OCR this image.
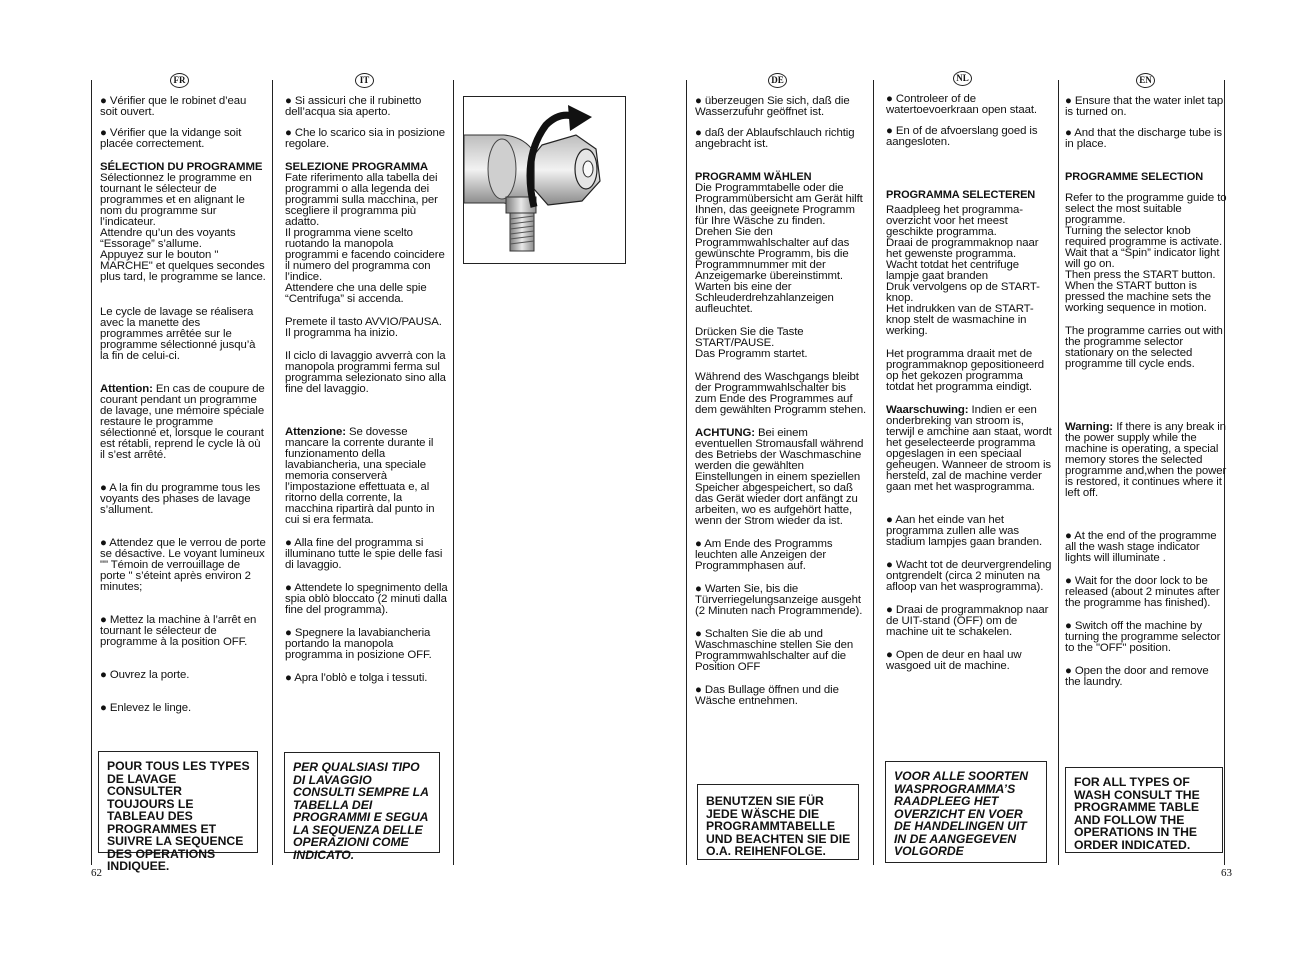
FR	IT	DE	NL	EN

● Vérifier que le robinet d’eau soit ouvert.

● Vérifier que la vidange soit placée correctement.

SÉLECTION DU PROGRAMME

Sélectionnez le programme en tournant le sélecteur de programmes et en alignant le nom du programme sur l’indicateur.

Attendre qu’un des voyants “Essorage” s’allume.

Appuyez sur le bouton " MARCHE" et quelques secondes plus tard, le programme se lance.

Le cycle de lavage se réalisera avec la manette des programmes arrêtée sur le programme sélectionné jusqu’à la fin de celui-ci.

Attention: En cas de coupure de courant pendant un programme de lavage, une mémoire spéciale restaure le programme sélectionné et, lorsque le courant est rétabli, reprend le cycle là où il s’est arrêté.

● A la fin du programme tous les voyants des phases de lavage s’allument.

● Attendez que le verrou de porte se désactive. Le voyant lumineux "" Témoin de verrouillage de porte " s’éteint après environ 2 minutes;

● Mettez la machine à l’arrêt en tournant le sélecteur de programme à la position OFF.

● Ouvrez la porte.

● Enlevez le linge.

POUR TOUS LES TYPES DE LAVAGE CONSULTER TOUJOURS LE TABLEAU DES PROGRAMMES ET SUIVRE LA SEQUENCE DES OPERATIONS INDIQUEE.

● Si assicuri che il rubinetto dell’acqua sia aperto.

● Che lo scarico sia in posizione regolare.

SELEZIONE PROGRAMMA

Fate riferimento alla tabella dei programmi o alla legenda dei programmi sulla macchina, per scegliere il programma più adatto.

Il programma viene scelto ruotando la manopola programmi e facendo coincidere il numero del programma con l’indice.

Attendere che una delle spie “Centrifuga” si accenda.

Premete il tasto AVVIO/PAUSA.

Il programma ha inizio.

Il ciclo di lavaggio avverrà con la manopola programmi ferma sul programma selezionato sino alla fine del lavaggio.

Attenzione: Se dovesse mancare la corrente durante il funzionamento della lavabiancheria, una speciale memoria conserverà l’impostazione effettuata e, al ritorno della corrente, la macchina ripartirà dal punto in cui si era fermata.

● Alla fine del programma si illuminano tutte le spie delle fasi di lavaggio.

● Attendete lo spegnimento della spia oblò bloccato (2 minuti dalla fine del programma).

● Spegnere la lavabiancheria portando la manopola programma in posizione OFF.

● Apra l’oblò e tolga i tessuti.

PER QUALSIASI TIPO DI LAVAGGIO CONSULTI SEMPRE LA TABELLA DEI PROGRAMMI E SEGUA LA SEQUENZA DELLE OPERAZIONI COME INDICATO.

● überzeugen Sie sich, daß die Wasserzufuhr geöffnet ist.

● daß der Ablaufschlauch richtig angebracht ist.

PROGRAMM WÄHLEN

Die Programmtabelle oder die Programmübersicht am Gerät hilft Ihnen, das geeignete Programm für Ihre Wäsche zu finden.

Drehen Sie den Programmwahlschalter auf das gewünschte Programm, bis die Programmnummer mit der Anzeigemarke übereinstimmt.

Warten bis eine der Schleuderdrehzahlanzeigen aufleuchtet.

Drücken Sie die Taste START/PAUSE.

Das Programm startet.

Während des Waschgangs bleibt der Programmwahlschalter bis zum Ende des Programmes auf dem gewählten Programm stehen.

ACHTUNG: Bei einem eventuellen Stromausfall während des Betriebs der Waschmaschine werden die gewählten Einstellungen in einem speziellen Speicher abgespeichert, so daß das Gerät wieder dort anfängt zu arbeiten, wo es aufgehört hatte, wenn der Strom wieder da ist.

● Am Ende des Programms leuchten alle Anzeigen der Programmphasen auf.

● Warten Sie, bis die Türverriegelungsanzeige ausgeht (2 Minuten nach Programmende).

● Schalten Sie die ab und Waschmaschine stellen Sie den Programmwahlschalter auf die Position OFF

● Das Bullage öffnen und die Wäsche entnehmen.

BENUTZEN SIE FÜR JEDE WÄSCHE DIE PROGRAMMTABELLE UND BEACHTEN SIE DIE O.A. REIHENFOLGE.

● Controleer of de watertoevoerkraan open staat.

● En of de afvoerslang goed is aangesloten.

PROGRAMMA SELECTEREN

Raadpleeg het programma-overzicht voor het meest geschikte programma.

Draai de programmaknop naar het gewenste programma.

Wacht totdat het centrifuge lampje gaat branden

Druk vervolgens op de START-knop.

Het indrukken van de START-knop stelt de wasmachine in werking.

Het programma draait met de programmaknop gepositioneerd op het gekozen programma totdat het programma eindigt.

Waarschuwing: Indien er een onderbreking van stroom is, terwijl e amchine aan staat, wordt het geselecteerde programma opgeslagen in een speciaal geheugen. Wanneer de stroom is hersteld, zal de machine verder gaan met het wasprogramma.

● Aan het einde van het programma zullen alle was stadium lampjes gaan branden.

● Wacht tot de deurvergrendeling ontgrendelt (circa 2 minuten na afloop van het wasprogramma).

● Draai de programmaknop naar de UIT-stand (OFF) om de machine uit te schakelen.

● Open de deur en haal uw wasgoed uit de machine.

VOOR ALLE SOORTEN WASPROGRAMMA’S RAADPLEEG HET OVERZICHT EN VOER DE HANDELINGEN UIT IN DE AANGEGEVEN VOLGORDE

● Ensure that the water inlet tap is turned on.

● And that the discharge tube is in place.

PROGRAMME SELECTION

Refer to the programme guide to select the most suitable programme.

Turning the selector knob required programme is activate.

Wait that a “Spin” indicator light will go on.

Then press the START button. When the START button is pressed the machine sets the working sequence in motion.

The programme carries out with the programme selector stationary on the selected programme till cycle ends.

Warning: If there is any break in the power supply while the machine is operating, a special memory stores the selected programme and,when the power is restored, it continues where it left off.

● At the end of the programme all the wash stage indicator lights will illuminate .

● Wait for the door lock to be released (about 2 minutes after the programme has finished).

● Switch off the machine by turning the programme selector to the "OFF" position.

● Open the door and remove the laundry.

FOR ALL TYPES OF WASH CONSULT THE PROGRAMME TABLE AND FOLLOW THE OPERATIONS IN THE ORDER INDICATED.
62	63
